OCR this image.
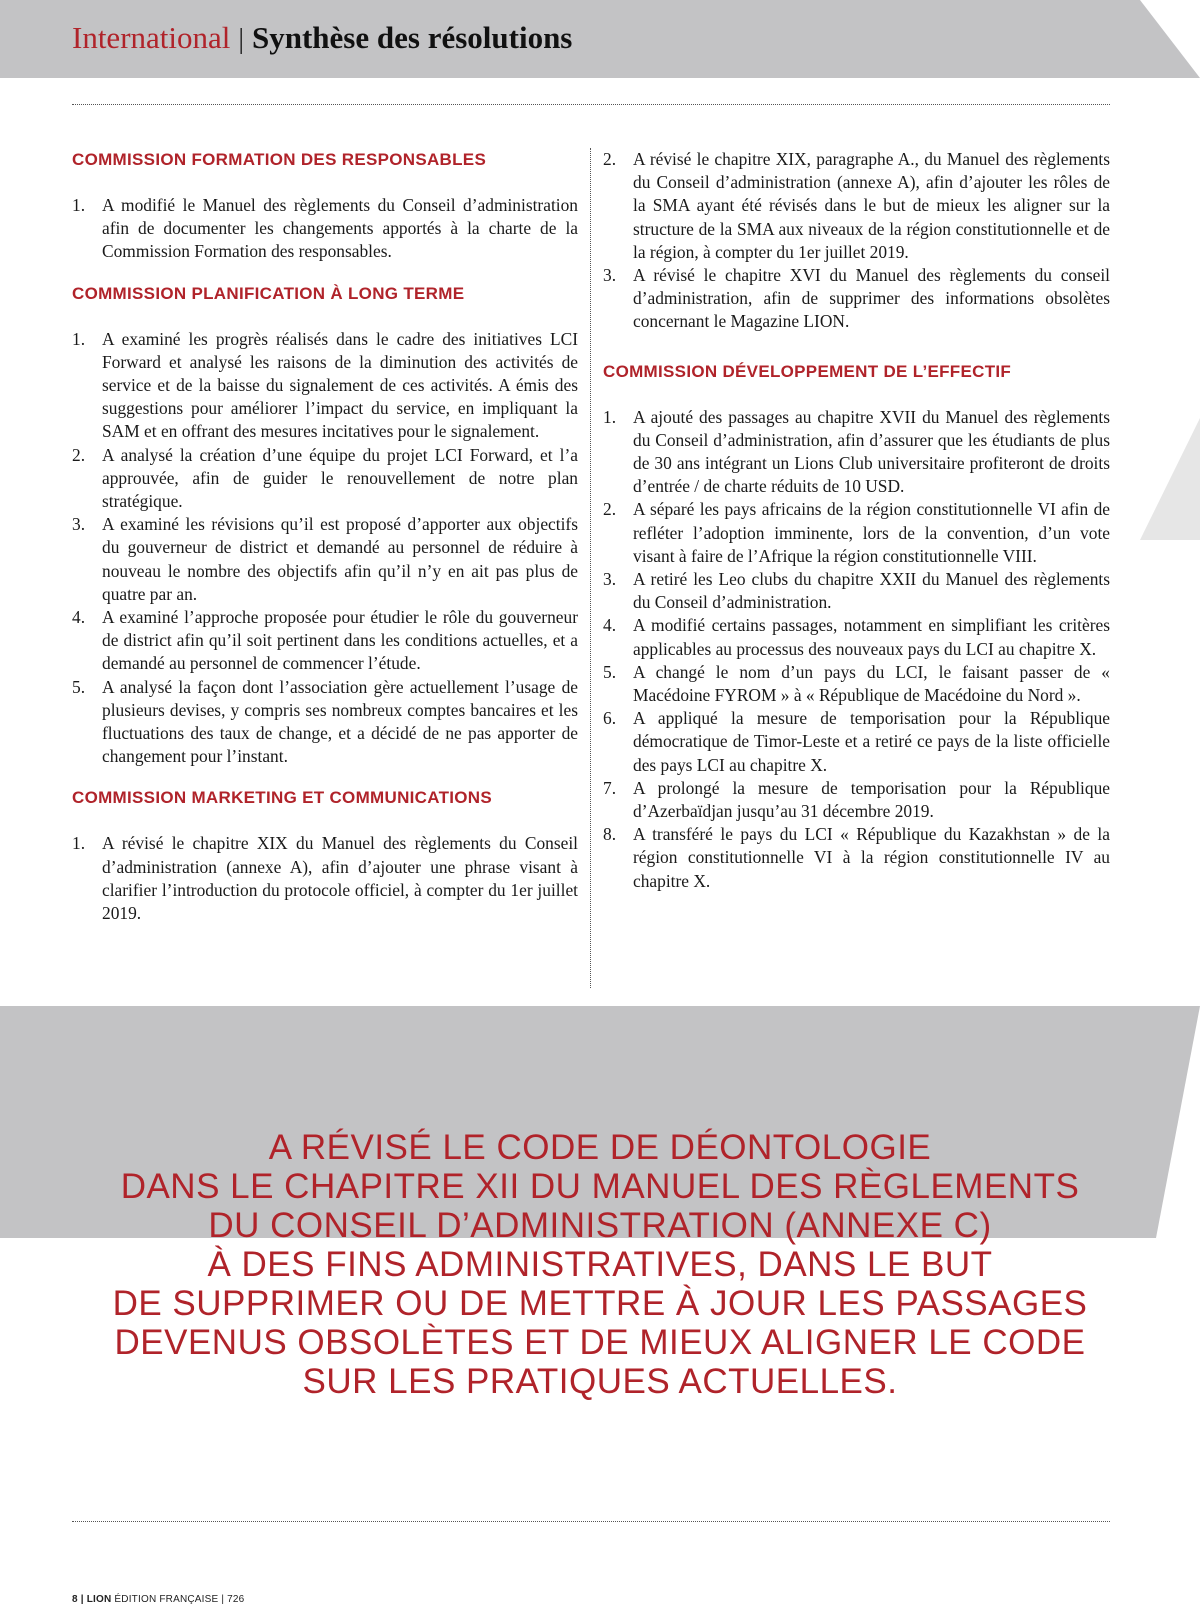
International | Synthèse des résolutions
COMMISSION FORMATION DES RESPONSABLES
1. A modifié le Manuel des règlements du Conseil d’administration afin de documenter les changements apportés à la charte de la Commission Formation des responsables.
COMMISSION PLANIFICATION À LONG TERME
1. A examiné les progrès réalisés dans le cadre des initiatives LCI Forward et analysé les raisons de la diminution des activités de service et de la baisse du signalement de ces activités. A émis des suggestions pour améliorer l’impact du service, en impliquant la SAM et en offrant des mesures incitatives pour le signalement.
2. A analysé la création d’une équipe du projet LCI Forward, et l’a approuvée, afin de guider le renouvellement de notre plan stratégique.
3. A examiné les révisions qu’il est proposé d’apporter aux objectifs du gouverneur de district et demandé au personnel de réduire à nouveau le nombre des objectifs afin qu’il n’y en ait pas plus de quatre par an.
4. A examiné l’approche proposée pour étudier le rôle du gouverneur de district afin qu’il soit pertinent dans les conditions actuelles, et a demandé au personnel de commencer l’étude.
5. A analysé la façon dont l’association gère actuellement l’usage de plusieurs devises, y compris ses nombreux comptes bancaires et les fluctuations des taux de change, et a décidé de ne pas apporter de changement pour l’instant.
COMMISSION MARKETING ET COMMUNICATIONS
1. A révisé le chapitre XIX du Manuel des règlements du Conseil d’administration (annexe A), afin d’ajouter une phrase visant à clarifier l’introduction du protocole officiel, à compter du 1er juillet 2019.
2. A révisé le chapitre XIX, paragraphe A., du Manuel des règlements du Conseil d’administration (annexe A), afin d’ajouter les rôles de la SMA ayant été révisés dans le but de mieux les aligner sur la structure de la SMA aux niveaux de la région constitutionnelle et de la région, à compter du 1er juillet 2019.
3. A révisé le chapitre XVI du Manuel des règlements du conseil d’administration, afin de supprimer des informations obsolètes concernant le Magazine LION.
COMMISSION DÉVELOPPEMENT DE L’EFFECTIF
1. A ajouté des passages au chapitre XVII du Manuel des règlements du Conseil d’administration, afin d’assurer que les étudiants de plus de 30 ans intégrant un Lions Club universitaire profiteront de droits d’entrée / de charte réduits de 10 USD.
2. A séparé les pays africains de la région constitutionnelle VI afin de refléter l’adoption imminente, lors de la convention, d’un vote visant à faire de l’Afrique la région constitutionnelle VIII.
3. A retiré les Leo clubs du chapitre XXII du Manuel des règlements du Conseil d’administration.
4. A modifié certains passages, notamment en simplifiant les critères applicables au processus des nouveaux pays du LCI au chapitre X.
5. A changé le nom d’un pays du LCI, le faisant passer de « Macédoine FYROM » à « République de Macédoine du Nord ».
6. A appliqué la mesure de temporisation pour la République démocratique de Timor-Leste et a retiré ce pays de la liste officielle des pays LCI au chapitre X.
7. A prolongé la mesure de temporisation pour la République d’Azerbaïdjan jusqu’au 31 décembre 2019.
8. A transféré le pays du LCI « République du Kazakhstan » de la région constitutionnelle VI à la région constitutionnelle IV au chapitre X.
A RÉVISÉ LE CODE DE DÉONTOLOGIE
DANS LE CHAPITRE XII DU MANUEL DES RÈGLEMENTS
DU CONSEIL D’ADMINISTRATION (ANNEXE C)
À DES FINS ADMINISTRATIVES, DANS LE BUT
DE SUPPRIMER OU DE METTRE À JOUR LES PASSAGES
DEVENUS OBSOLÈTES ET DE MIEUX ALIGNER LE CODE
SUR LES PRATIQUES ACTUELLES.
8 | LION ÉDITION FRANÇAISE | 726
